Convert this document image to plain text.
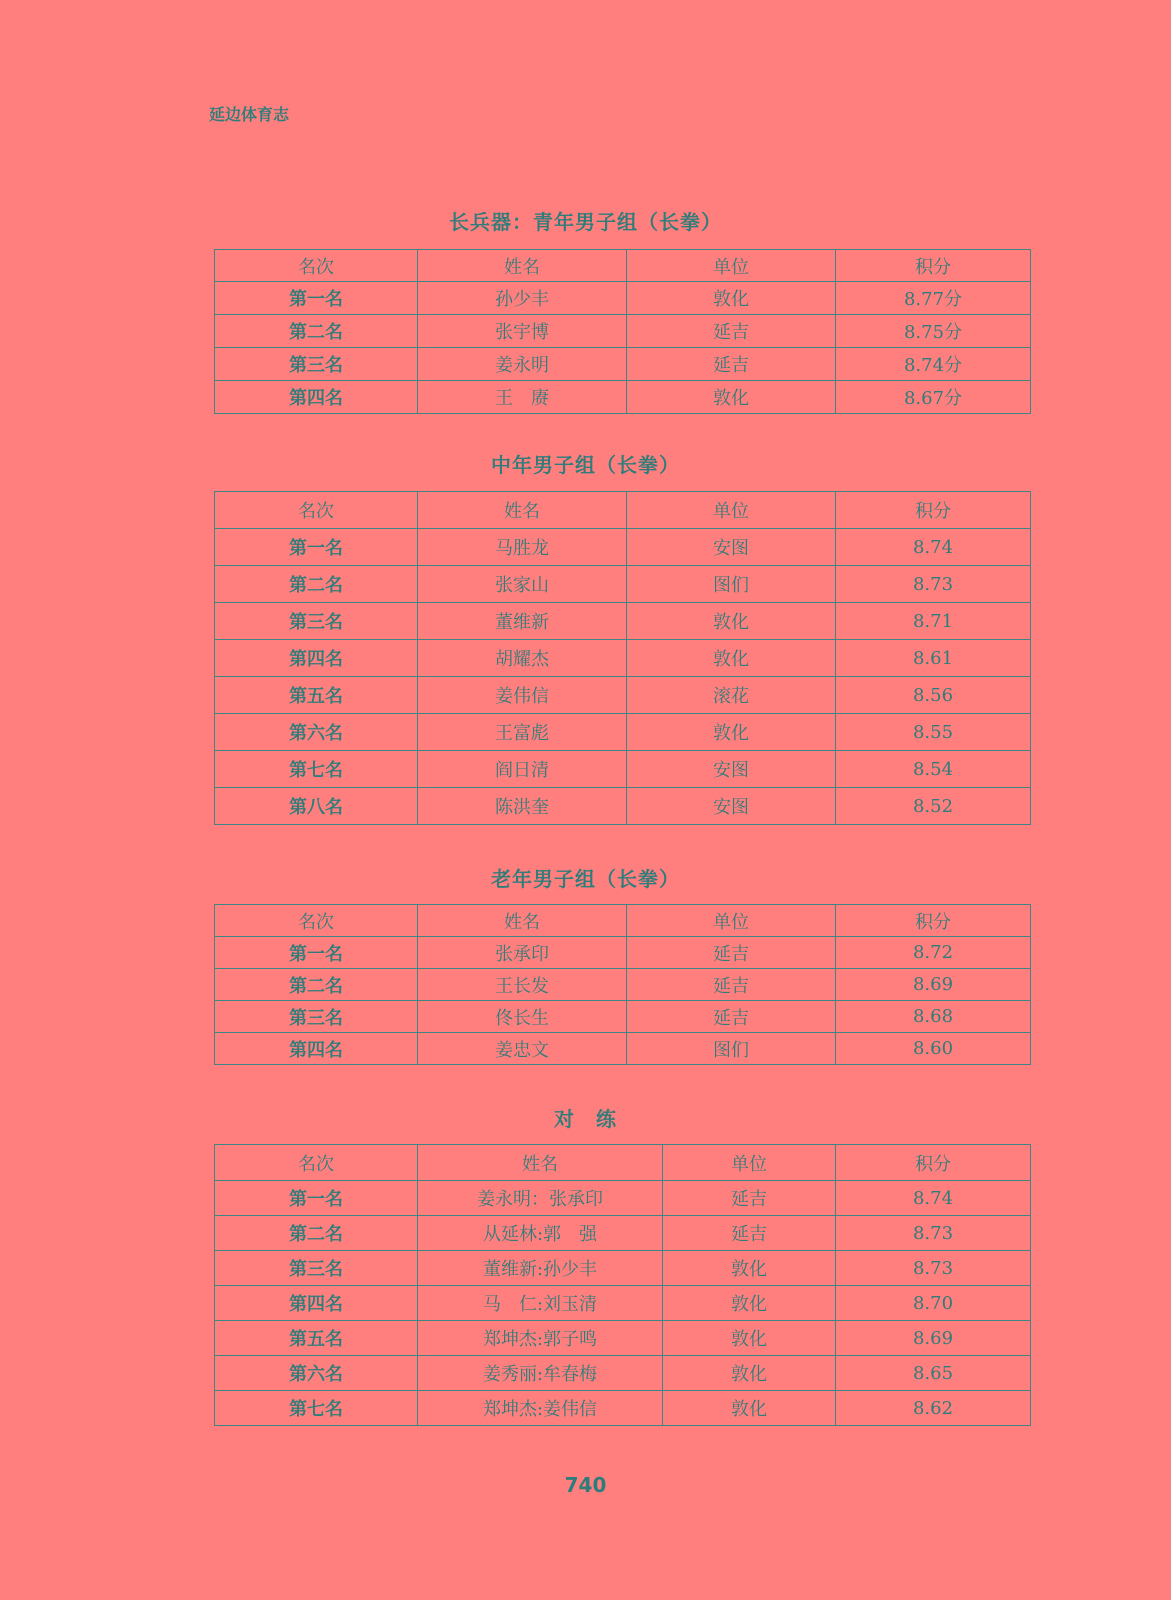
延边体育志
长兵器：青年男子组（长拳）
名次	姓名	单位	积分
第一名	孙少丰	敦化	8.77分
第二名	张宇博	延吉	8.75分
第三名	姜永明	延吉	8.74分
第四名	王　赓	敦化	8.67分
中年男子组（长拳）
名次	姓名	单位	积分
第一名	马胜龙	安图	8.74
第二名	张家山	图们	8.73
第三名	董维新	敦化	8.71
第四名	胡耀杰	敦化	8.61
第五名	姜伟信	滚花	8.56
第六名	王富彪	敦化	8.55
第七名	阎日清	安图	8.54
第八名	陈洪奎	安图	8.52
老年男子组（长拳）
名次	姓名	单位	积分
第一名	张承印	延吉	8.72
第二名	王长发	延吉	8.69
第三名	佟长生	延吉	8.68
第四名	姜忠文	图们	8.60
对　练
名次	姓名	单位	积分
第一名	姜永明：张承印	延吉	8.74
第二名	从延林:郭　强	延吉	8.73
第三名	董维新:孙少丰	敦化	8.73
第四名	马　仁:刘玉清	敦化	8.70
第五名	郑坤杰:郭子鸣	敦化	8.69
第六名	姜秀丽:牟春梅	敦化	8.65
第七名	郑坤杰:姜伟信	敦化	8.62
740
